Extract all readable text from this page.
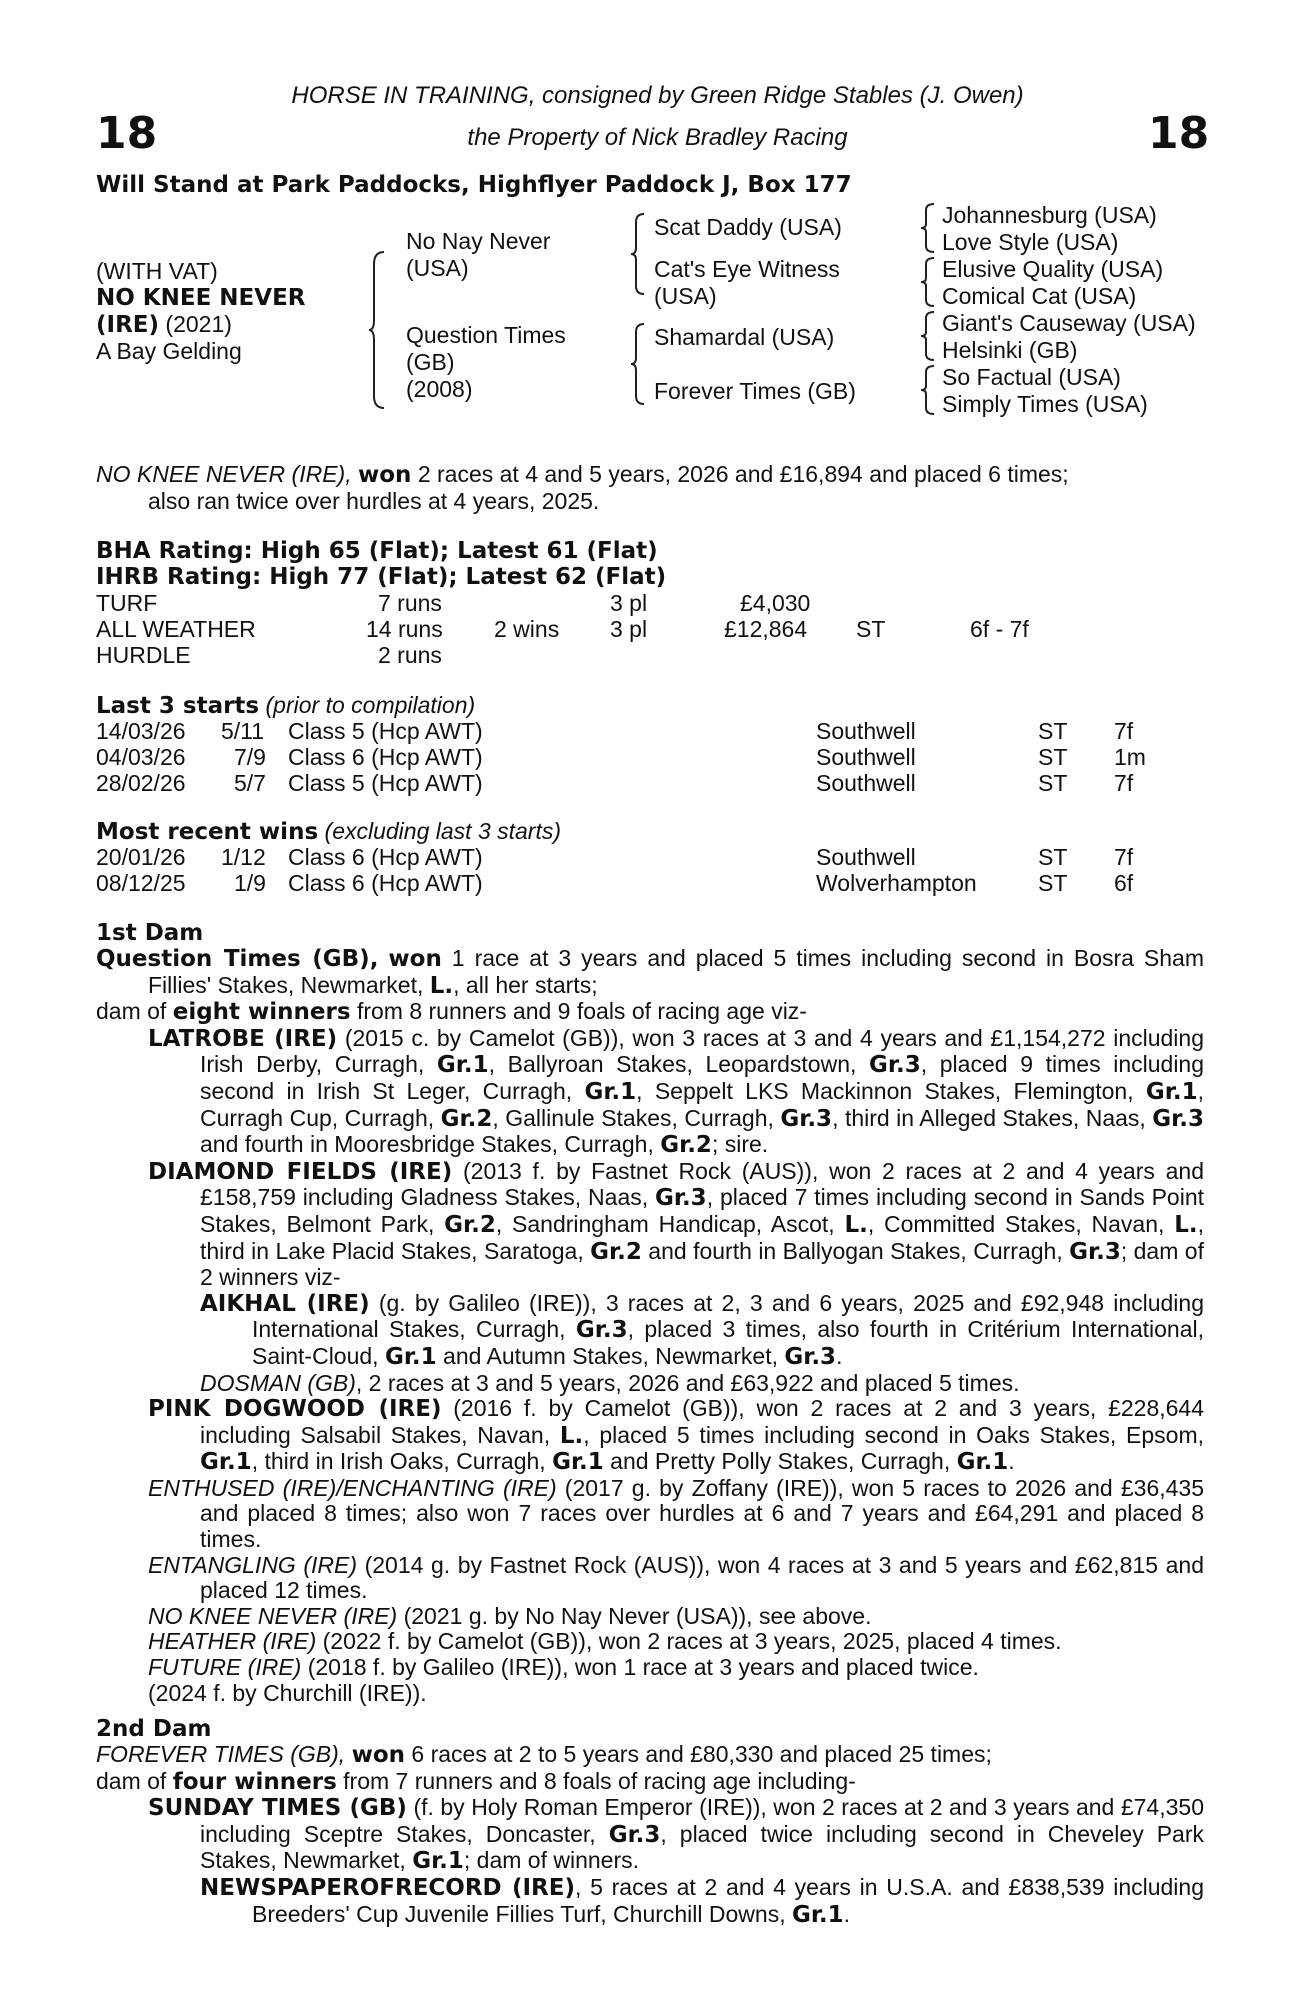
18	18
HORSE IN TRAINING, consigned by Green Ridge Stables (J. Owen)
the Property of Nick Bradley Racing
Will Stand at Park Paddocks, Highflyer Paddock J, Box 177
(WITH VAT)
NO KNEE NEVER
(IRE) (2021)
A Bay Gelding
No Nay Never
(USA)
Question Times
(GB)
(2008)
Scat Daddy (USA)
Cat's Eye Witness
(USA)
Shamardal (USA)
Forever Times (GB)
Johannesburg (USA)
Love Style (USA)
Elusive Quality (USA)
Comical Cat (USA)
Giant's Causeway (USA)
Helsinki (GB)
So Factual (USA)
Simply Times (USA)
NO KNEE NEVER (IRE), won 2 races at 4 and 5 years, 2026 and £16,894 and placed 6 times;
also ran twice over hurdles at 4 years, 2025.
BHA Rating: High 65 (Flat); Latest 61 (Flat)
IHRB Rating: High 77 (Flat); Latest 62 (Flat)
TURF	7 runs	3 pl	£4,030
ALL WEATHER	14 runs 2 wins 3 pl	£12,864 ST	6f - 7f
HURDLE	2 runs
Last 3 starts (prior to compilation)
14/03/26 5/11 Class 5 (Hcp AWT)	Southwell	ST 7f
04/03/26 7/9 Class 6 (Hcp AWT)	Southwell	ST 1m
28/02/26 5/7 Class 5 (Hcp AWT)	Southwell	ST 7f
Most recent wins (excluding last 3 starts)
20/01/26 1/12 Class 6 (Hcp AWT)	Southwell	ST 7f
08/12/25 1/9 Class 6 (Hcp AWT)	Wolverhampton	ST 6f
1st Dam
Question Times (GB), won 1 race at 3 years and placed 5 times including second in Bosra Sham Fillies' Stakes, Newmarket, L., all her starts;
dam of eight winners from 8 runners and 9 foals of racing age viz-
LATROBE (IRE) (2015 c. by Camelot (GB)), won 3 races at 3 and 4 years and £1,154,272 including Irish Derby, Curragh, Gr.1, Ballyroan Stakes, Leopardstown, Gr.3, placed 9 times including second in Irish St Leger, Curragh, Gr.1, Seppelt LKS Mackinnon Stakes, Flemington, Gr.1, Curragh Cup, Curragh, Gr.2, Gallinule Stakes, Curragh, Gr.3, third in Alleged Stakes, Naas, Gr.3 and fourth in Mooresbridge Stakes, Curragh, Gr.2; sire.
DIAMOND FIELDS (IRE) (2013 f. by Fastnet Rock (AUS)), won 2 races at 2 and 4 years and £158,759 including Gladness Stakes, Naas, Gr.3, placed 7 times including second in Sands Point Stakes, Belmont Park, Gr.2, Sandringham Handicap, Ascot, L., Committed Stakes, Navan, L., third in Lake Placid Stakes, Saratoga, Gr.2 and fourth in Ballyogan Stakes, Curragh, Gr.3; dam of 2 winners viz-
AIKHAL (IRE) (g. by Galileo (IRE)), 3 races at 2, 3 and 6 years, 2025 and £92,948 including International Stakes, Curragh, Gr.3, placed 3 times, also fourth in Critérium International, Saint-Cloud, Gr.1 and Autumn Stakes, Newmarket, Gr.3.
DOSMAN (GB), 2 races at 3 and 5 years, 2026 and £63,922 and placed 5 times.
PINK DOGWOOD (IRE) (2016 f. by Camelot (GB)), won 2 races at 2 and 3 years, £228,644 including Salsabil Stakes, Navan, L., placed 5 times including second in Oaks Stakes, Epsom, Gr.1, third in Irish Oaks, Curragh, Gr.1 and Pretty Polly Stakes, Curragh, Gr.1.
ENTHUSED (IRE)/ENCHANTING (IRE) (2017 g. by Zoffany (IRE)), won 5 races to 2026 and £36,435 and placed 8 times; also won 7 races over hurdles at 6 and 7 years and £64,291 and placed 8 times.
ENTANGLING (IRE) (2014 g. by Fastnet Rock (AUS)), won 4 races at 3 and 5 years and £62,815 and placed 12 times.
NO KNEE NEVER (IRE) (2021 g. by No Nay Never (USA)), see above.
HEATHER (IRE) (2022 f. by Camelot (GB)), won 2 races at 3 years, 2025, placed 4 times.
FUTURE (IRE) (2018 f. by Galileo (IRE)), won 1 race at 3 years and placed twice.
(2024 f. by Churchill (IRE)).
2nd Dam
FOREVER TIMES (GB), won 6 races at 2 to 5 years and £80,330 and placed 25 times;
dam of four winners from 7 runners and 8 foals of racing age including-
SUNDAY TIMES (GB) (f. by Holy Roman Emperor (IRE)), won 2 races at 2 and 3 years and £74,350 including Sceptre Stakes, Doncaster, Gr.3, placed twice including second in Cheveley Park Stakes, Newmarket, Gr.1; dam of winners.
NEWSPAPEROFRECORD (IRE), 5 races at 2 and 4 years in U.S.A. and £838,539 including Breeders' Cup Juvenile Fillies Turf, Churchill Downs, Gr.1.
